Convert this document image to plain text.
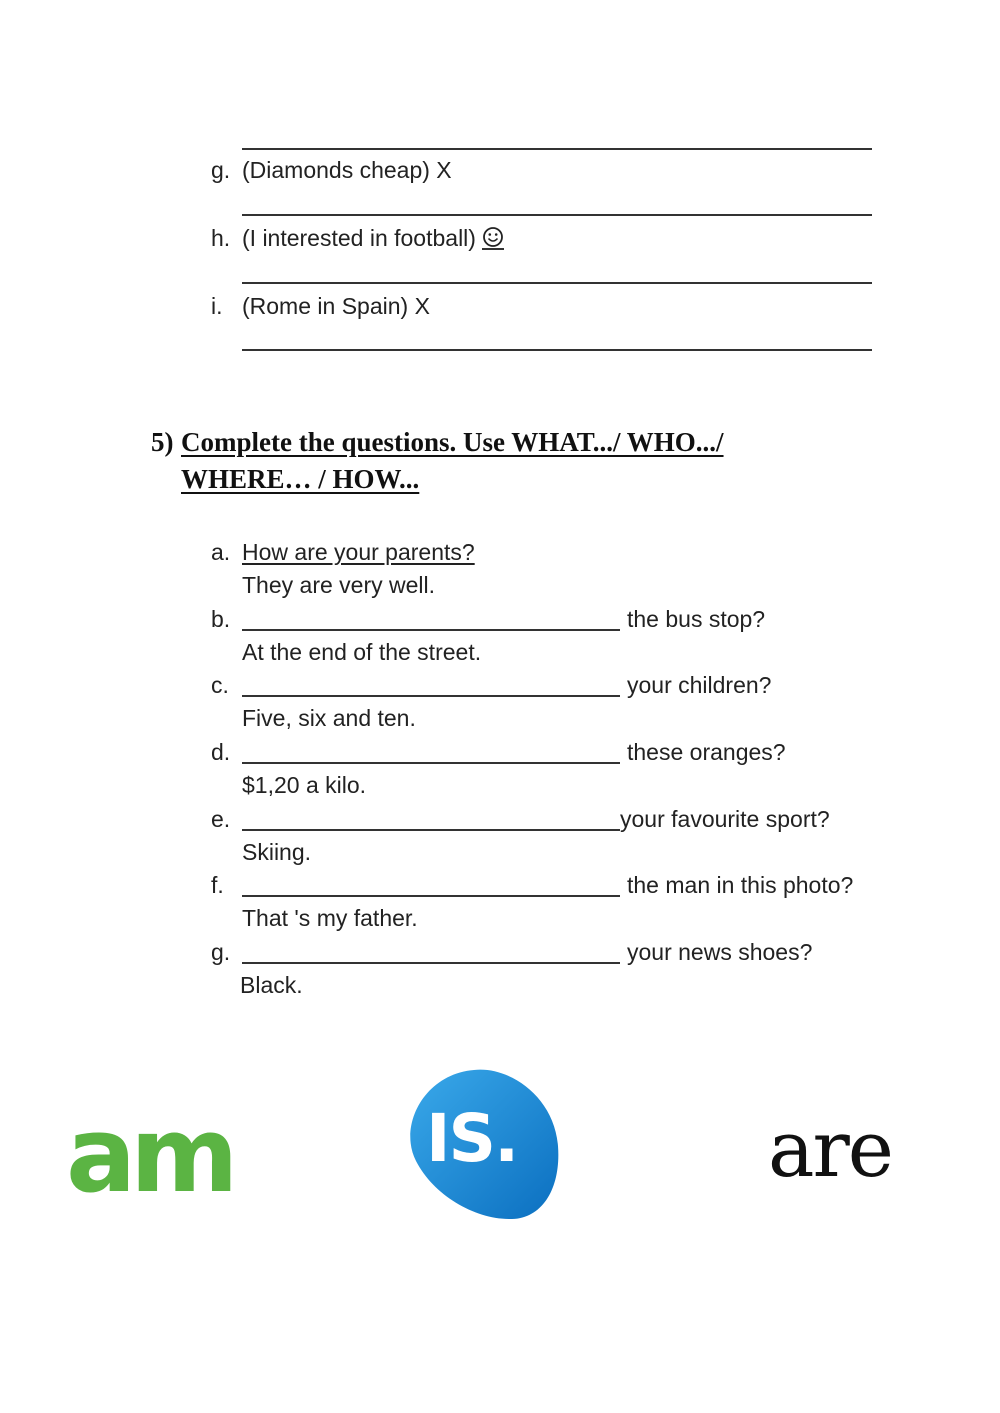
g. (Diamonds cheap) X
h. (I interested in football)
i. (Rome in Spain) X
5) Complete the questions. Use WHAT.../ WHO.../
WHERE… / HOW...
a. How are your parents?
They are very well.
b.	the bus stop?
At the end of the street.
c.	your children?
Five, six and ten.
d.	these oranges?
$1,20 a kilo.
e.	your favourite sport?
Skiing.
f.	the man in this photo?
That 's my father.
g.	your news shoes?
Black.
am	IS.	are
